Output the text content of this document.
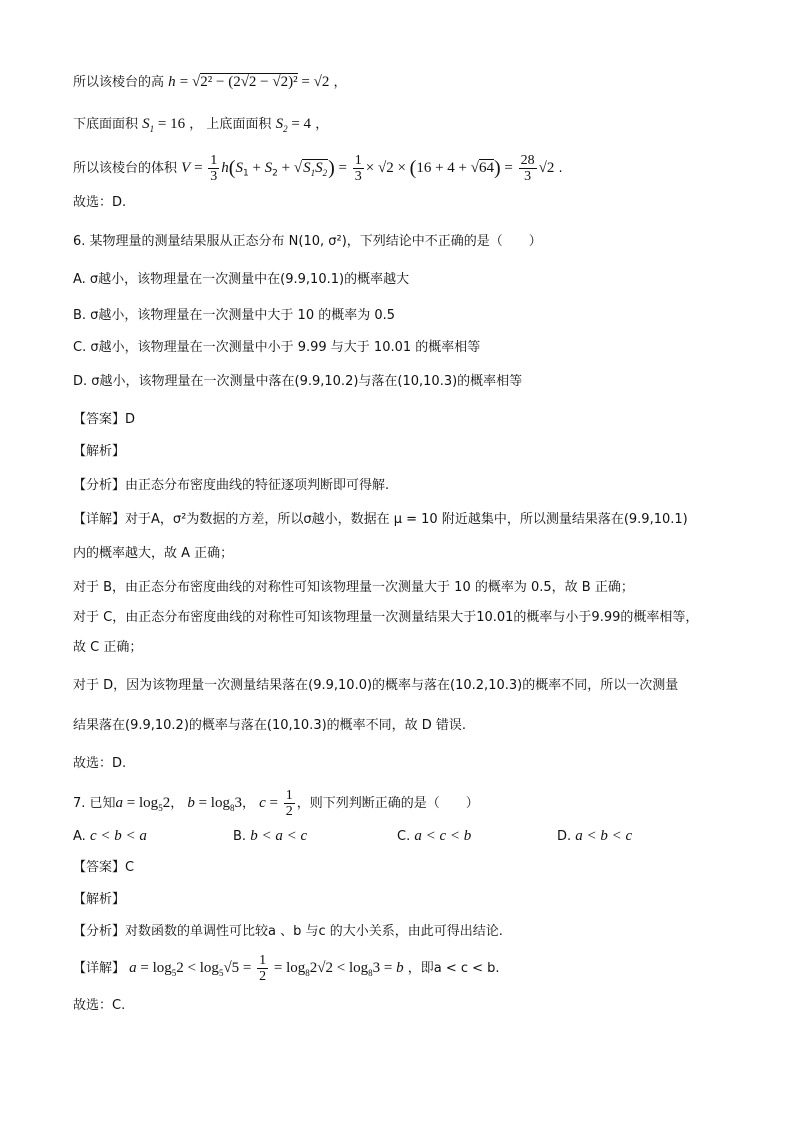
所以该棱台的高 h = √2² − (2√2 − √2)² = √2 ，
下底面面积 $S_1 = 16$ ， 上底面面积 $S_2 = 4$ ，
所以该棱台的体积 $V = \frac{1}{3} h(S_1 + S_2 + √S_1S_2) = \frac{1}{3} \times √2 \times (16 + 4 + √64) = \frac{28}{3} √2$ .
故选：D.
6. 某物理量的测量结果服从正态分布 N(10, σ²)，下列结论中不正确的是（　　）
A. σ越小，该物理量在一次测量中在(9.9,10.1)的概率越大
B. σ越小，该物理量在一次测量中大于 10 的概率为 0.5
C. σ越小，该物理量在一次测量中小于 9.99 与大于 10.01 的概率相等
D. σ越小，该物理量在一次测量中落在(9.9,10.2)与落在(10,10.3)的概率相等
【答案】D
【解析】
【分析】由正态分布密度曲线的特征逐项判断即可得解.
【详解】对于A，σ²为数据的方差，所以σ越小，数据在 μ = 10 附近越集中，所以测量结果落在(9.9,10.1)
内的概率越大，故 A 正确；
对于 B，由正态分布密度曲线的对称性可知该物理量一次测量大于 10 的概率为 0.5，故 B 正确；
对于 C，由正态分布密度曲线的对称性可知该物理量一次测量结果大于10.01的概率与小于9.99的概率相等，
故 C 正确；
对于 D，因为该物理量一次测量结果落在(9.9,10.0)的概率与落在(10.2,10.3)的概率不同，所以一次测量
结果落在(9.9,10.2)的概率与落在(10,10.3)的概率不同，故 D 错误.
故选：D.
7. 已知$a = \log_52$， $b = \log_83$， $c = \frac{1}{2}$ ，则下列判断正确的是（　　）
A. c < b < a	B. b < a < c	C. a < c < b	D. a < b < c
【答案】C
【解析】
【分析】对数函数的单调性可比较a 、b 与c 的大小关系，由此可得出结论.
【详解】 $a = \log_52 < \log_5√5 = \frac{1}{2} = \log_82√2 < \log_83 = b$ ，即a < c < b.
故选：C.
